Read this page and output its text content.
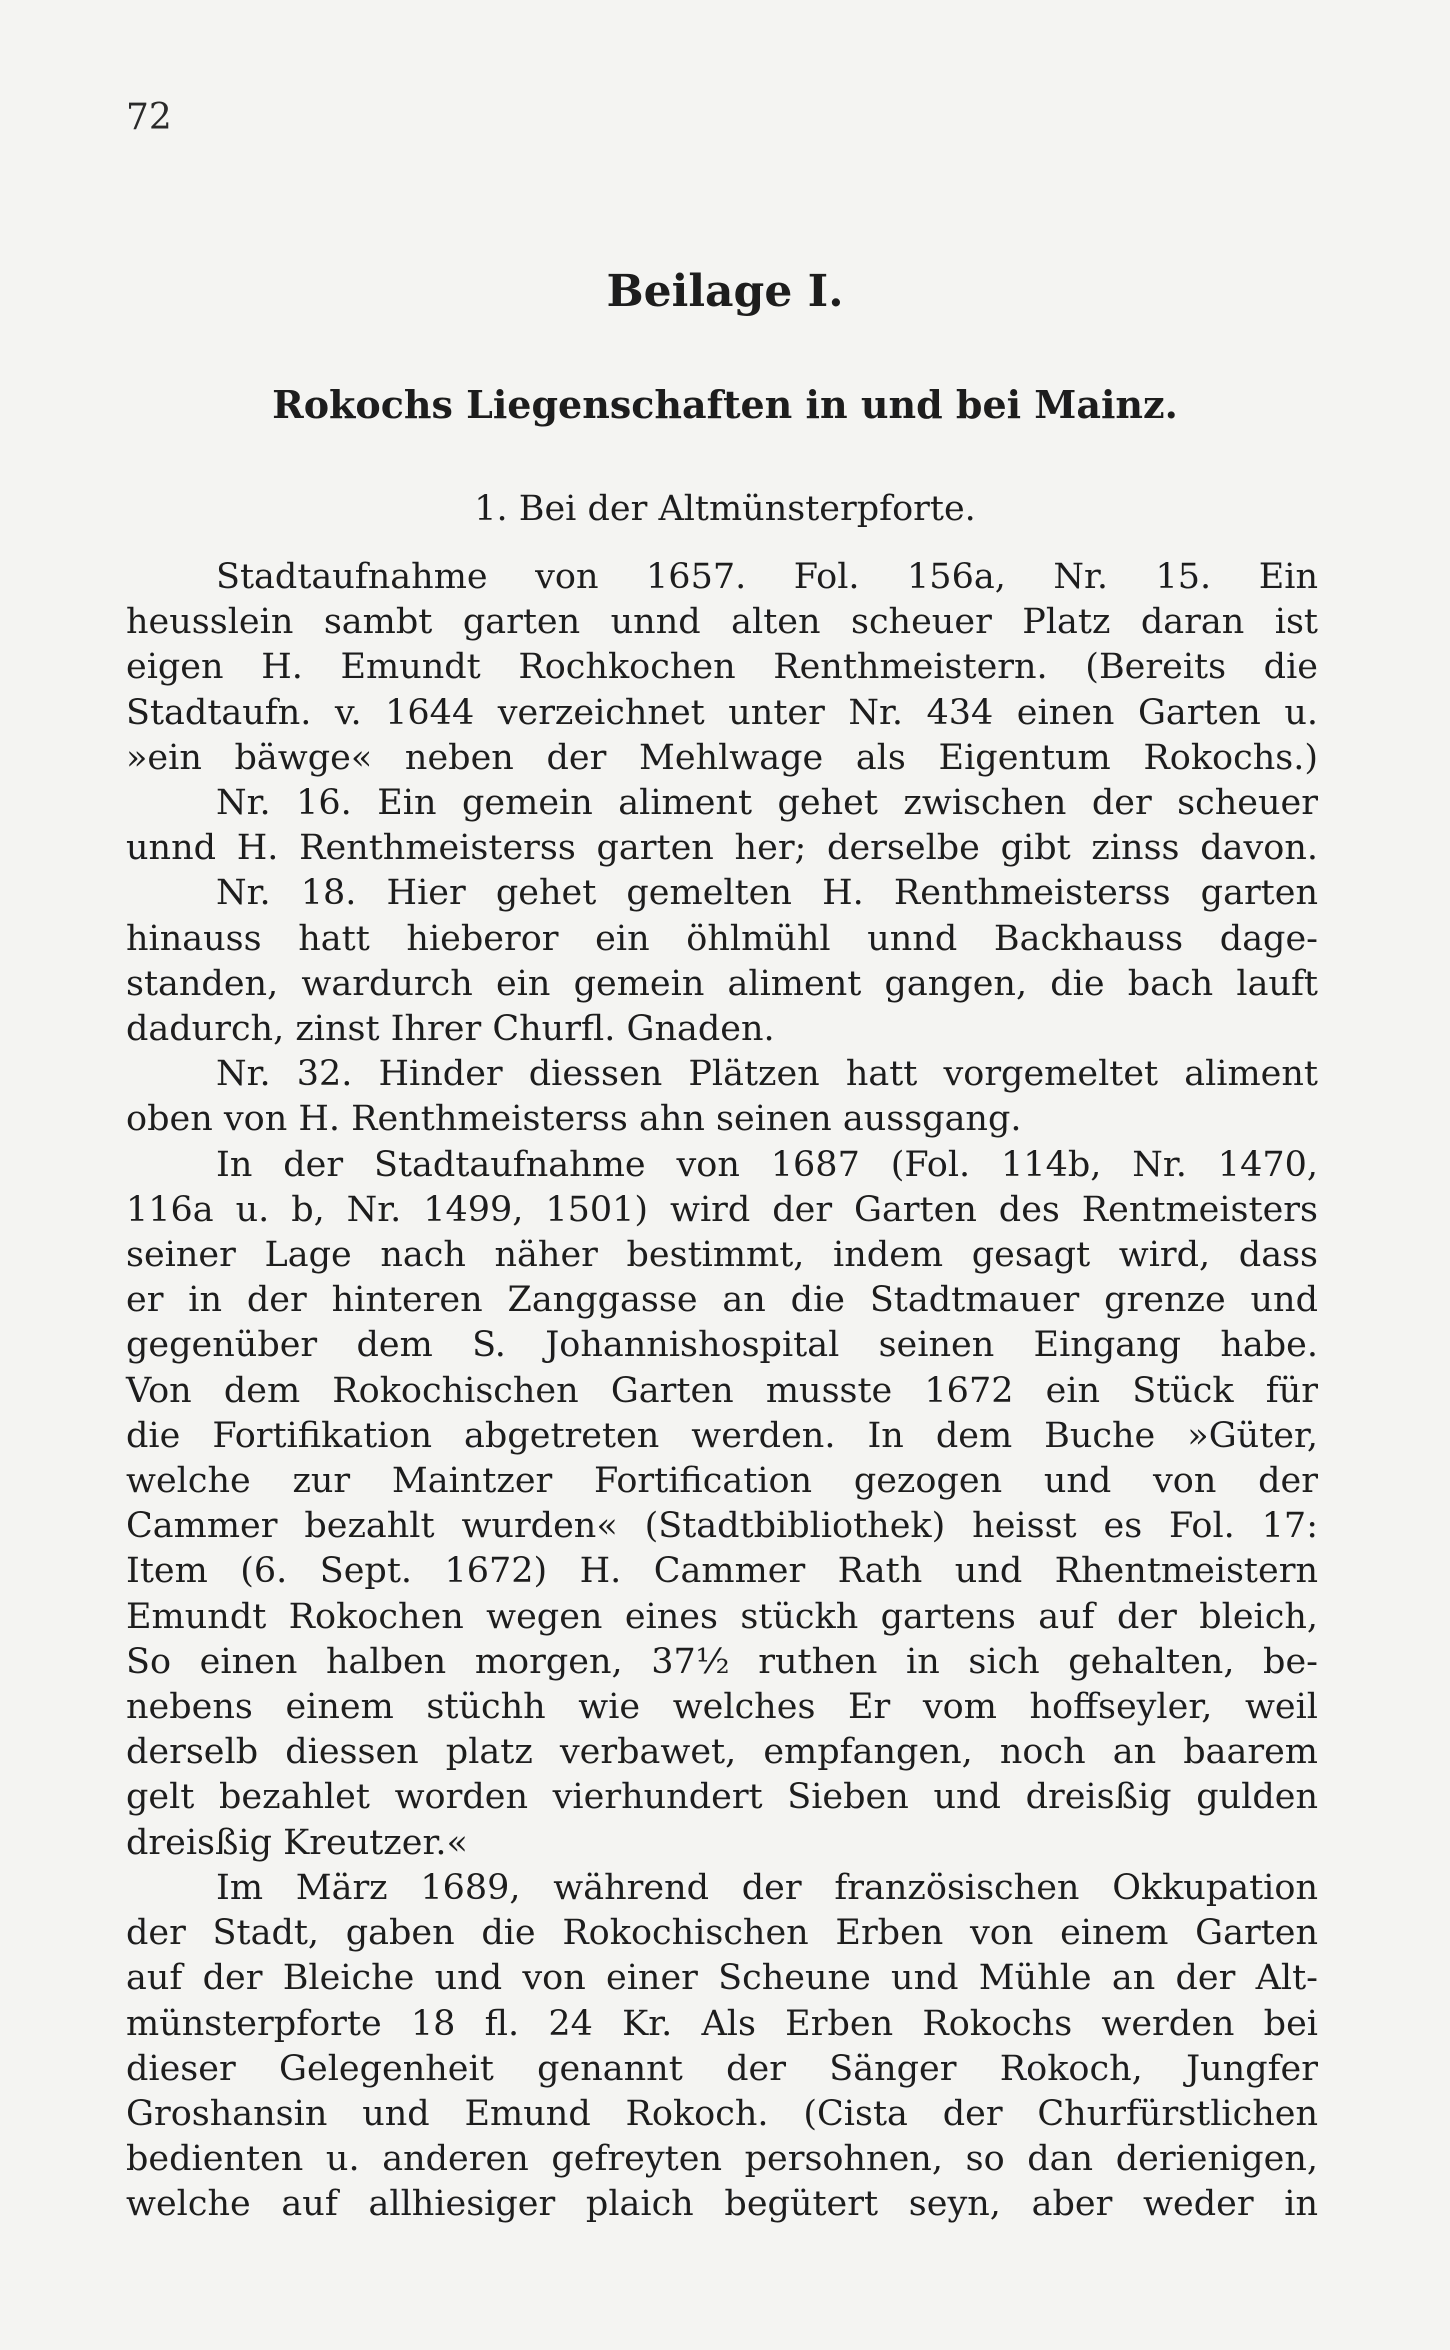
72
Beilage I.
Rokochs Liegenschaften in und bei Mainz.
1. Bei der Altmünsterpforte.
Stadtaufnahme von 1657. Fol. 156a, Nr. 15. Ein
heusslein sambt garten unnd alten scheuer Platz daran ist
eigen H. Emundt Rochkochen Renthmeistern. (Bereits die
Stadtaufn. v. 1644 verzeichnet unter Nr. 434 einen Garten u.
»ein bäwge« neben der Mehlwage als Eigentum Rokochs.)
Nr. 16. Ein gemein aliment gehet zwischen der scheuer
unnd H. Renthmeisterss garten her; derselbe gibt zinss davon.
Nr. 18. Hier gehet gemelten H. Renthmeisterss garten
hinauss hatt hieberor ein öhlmühl unnd Backhauss dage-
standen, wardurch ein gemein aliment gangen, die bach lauft
dadurch, zinst Ihrer Churfl. Gnaden.
Nr. 32. Hinder diessen Plätzen hatt vorgemeltet aliment
oben von H. Renthmeisterss ahn seinen aussgang.
In der Stadtaufnahme von 1687 (Fol. 114b, Nr. 1470,
116a u. b, Nr. 1499, 1501) wird der Garten des Rentmeisters
seiner Lage nach näher bestimmt, indem gesagt wird, dass
er in der hinteren Zanggasse an die Stadtmauer grenze und
gegenüber dem S. Johannishospital seinen Eingang habe.
Von dem Rokochischen Garten musste 1672 ein Stück für
die Fortifikation abgetreten werden. In dem Buche »Güter,
welche zur Maintzer Fortification gezogen und von der
Cammer bezahlt wurden« (Stadtbibliothek) heisst es Fol. 17:
Item (6. Sept. 1672) H. Cammer Rath und Rhentmeistern
Emundt Rokochen wegen eines stückh gartens auf der bleich,
So einen halben morgen, 37½ ruthen in sich gehalten, be-
nebens einem stüchh wie welches Er vom hoffseyler, weil
derselb diessen platz verbawet, empfangen, noch an baarem
gelt bezahlet worden vierhundert Sieben und dreisßig gulden
dreisßig Kreutzer.«
Im März 1689, während der französischen Okkupation
der Stadt, gaben die Rokochischen Erben von einem Garten
auf der Bleiche und von einer Scheune und Mühle an der Alt-
münsterpforte 18 fl. 24 Kr. Als Erben Rokochs werden bei
dieser Gelegenheit genannt der Sänger Rokoch, Jungfer
Groshansin und Emund Rokoch. (Cista der Churfürstlichen
bedienten u. anderen gefreyten persohnen, so dan derienigen,
welche auf allhiesiger plaich begütert seyn, aber weder in
